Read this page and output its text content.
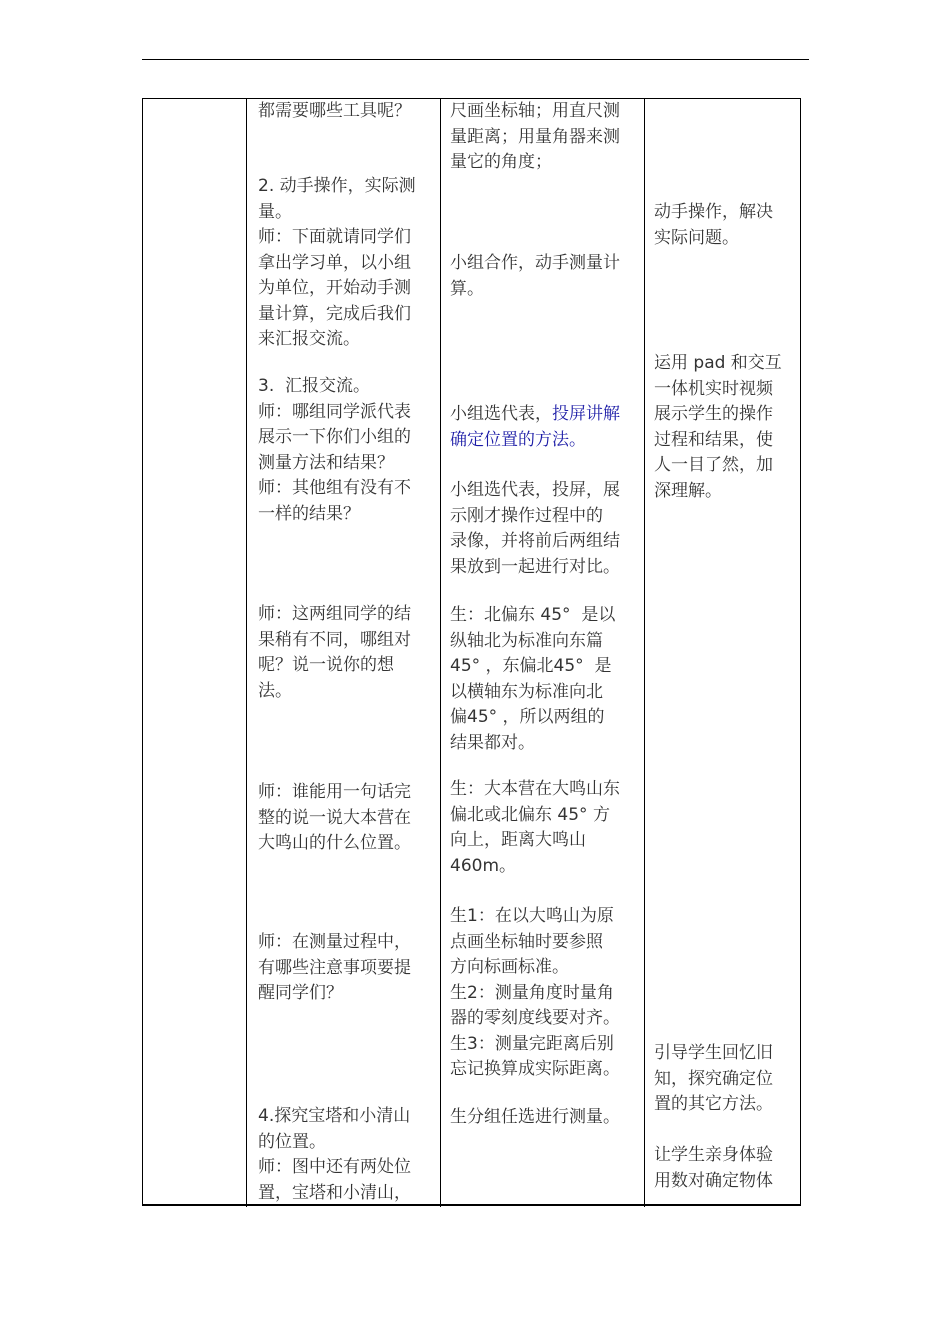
都需要哪些工具呢？
2. 动手操作，实际测
量。
师：下面就请同学们
拿出学习单，以小组
为单位，开始动手测
量计算，完成后我们
来汇报交流。
3.  汇报交流。
师：哪组同学派代表
展示一下你们小组的
测量方法和结果？
师：其他组有没有不
一样的结果？
师：这两组同学的结
果稍有不同，哪组对
呢？说一说你的想
法。
师：谁能用一句话完
整的说一说大本营在
大鸣山的什么位置。
师：在测量过程中，
有哪些注意事项要提
醒同学们？
4.探究宝塔和小清山
的位置。
师：图中还有两处位
置，宝塔和小清山，
尺画坐标轴；用直尺测
量距离；用量角器来测
量它的角度；
小组合作，动手测量计
算。
小组选代表，投屏讲解
确定位置的方法。
小组选代表，投屏，展
示刚才操作过程中的
录像，并将前后两组结
果放到一起进行对比。
生：北偏东 45°  是以
纵轴北为标准向东篇
45° ，东偏北45°  是
以横轴东为标准向北
偏45° ，所以两组的
结果都对。
生：大本营在大鸣山东
偏北或北偏东 45° 方
向上，距离大鸣山
460m。
生1：在以大鸣山为原
点画坐标轴时要参照
方向标画标准。
生2：测量角度时量角
器的零刻度线要对齐。
生3：测量完距离后别
忘记换算成实际距离。
生分组任选进行测量。
动手操作，解决
实际问题。
运用 pad 和交互
一体机实时视频
展示学生的操作
过程和结果，使
人一目了然，加
深理解。
引导学生回忆旧
知，探究确定位
置的其它方法。
让学生亲身体验
用数对确定物体
